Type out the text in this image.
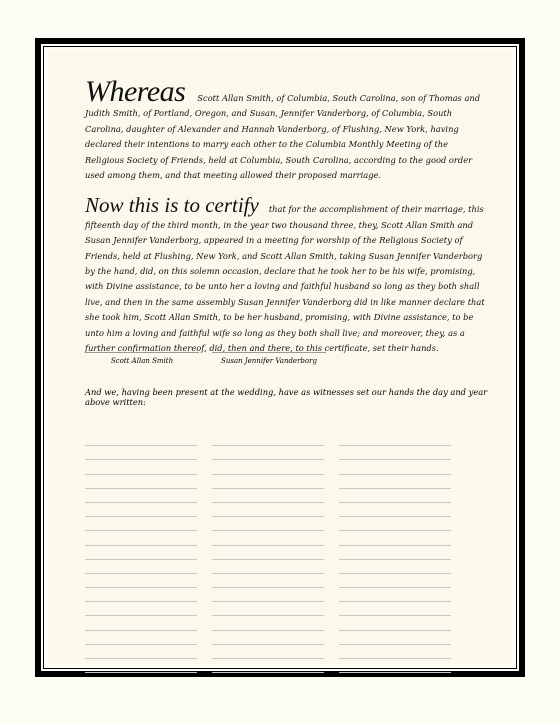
Whereas Scott Allan Smith, of Columbia, South Carolina, son of Thomas and Judith Smith, of Portland, Oregon, and Susan, Jennifer Vanderborg, of Columbia, South Carolina, daughter of Alexander and Hannah Vanderborg, of Flushing, New York, having declared their intentions to marry each other to the Columbia Monthly Meeting of the Religious Society of Friends, held at Columbia, South Carolina, according to the good order used among them, and that meeting allowed their proposed marriage.

Now this is to certify that for the accomplishment of their marriage, this fifteenth day of the third month, in the year two thousand three, they, Scott Allan Smith and Susan Jennifer Vanderborg, appeared in a meeting for worship of the Religious Society of Friends, held at Flushing, New York, and Scott Allan Smith, taking Susan Jennifer Vanderborg by the hand, did, on this solemn occasion, declare that he took her to be his wife, promising, with Divine assistance, to be unto her a loving and faithful husband so long as they both shall live, and then in the same assembly Susan Jennifer Vanderborg did in like manner declare that she took him, Scott Allan Smith, to be her husband, promising, with Divine assistance, to be unto him a loving and faithful wife so long as they both shall live; and moreover, they, as a further confirmation thereof, did, then and there, to this certificate, set their hands.

Scott Allan Smith	Susan Jennifer Vanderborg
And we, having been present at the wedding, have as witnesses set our hands the day and year above written:
